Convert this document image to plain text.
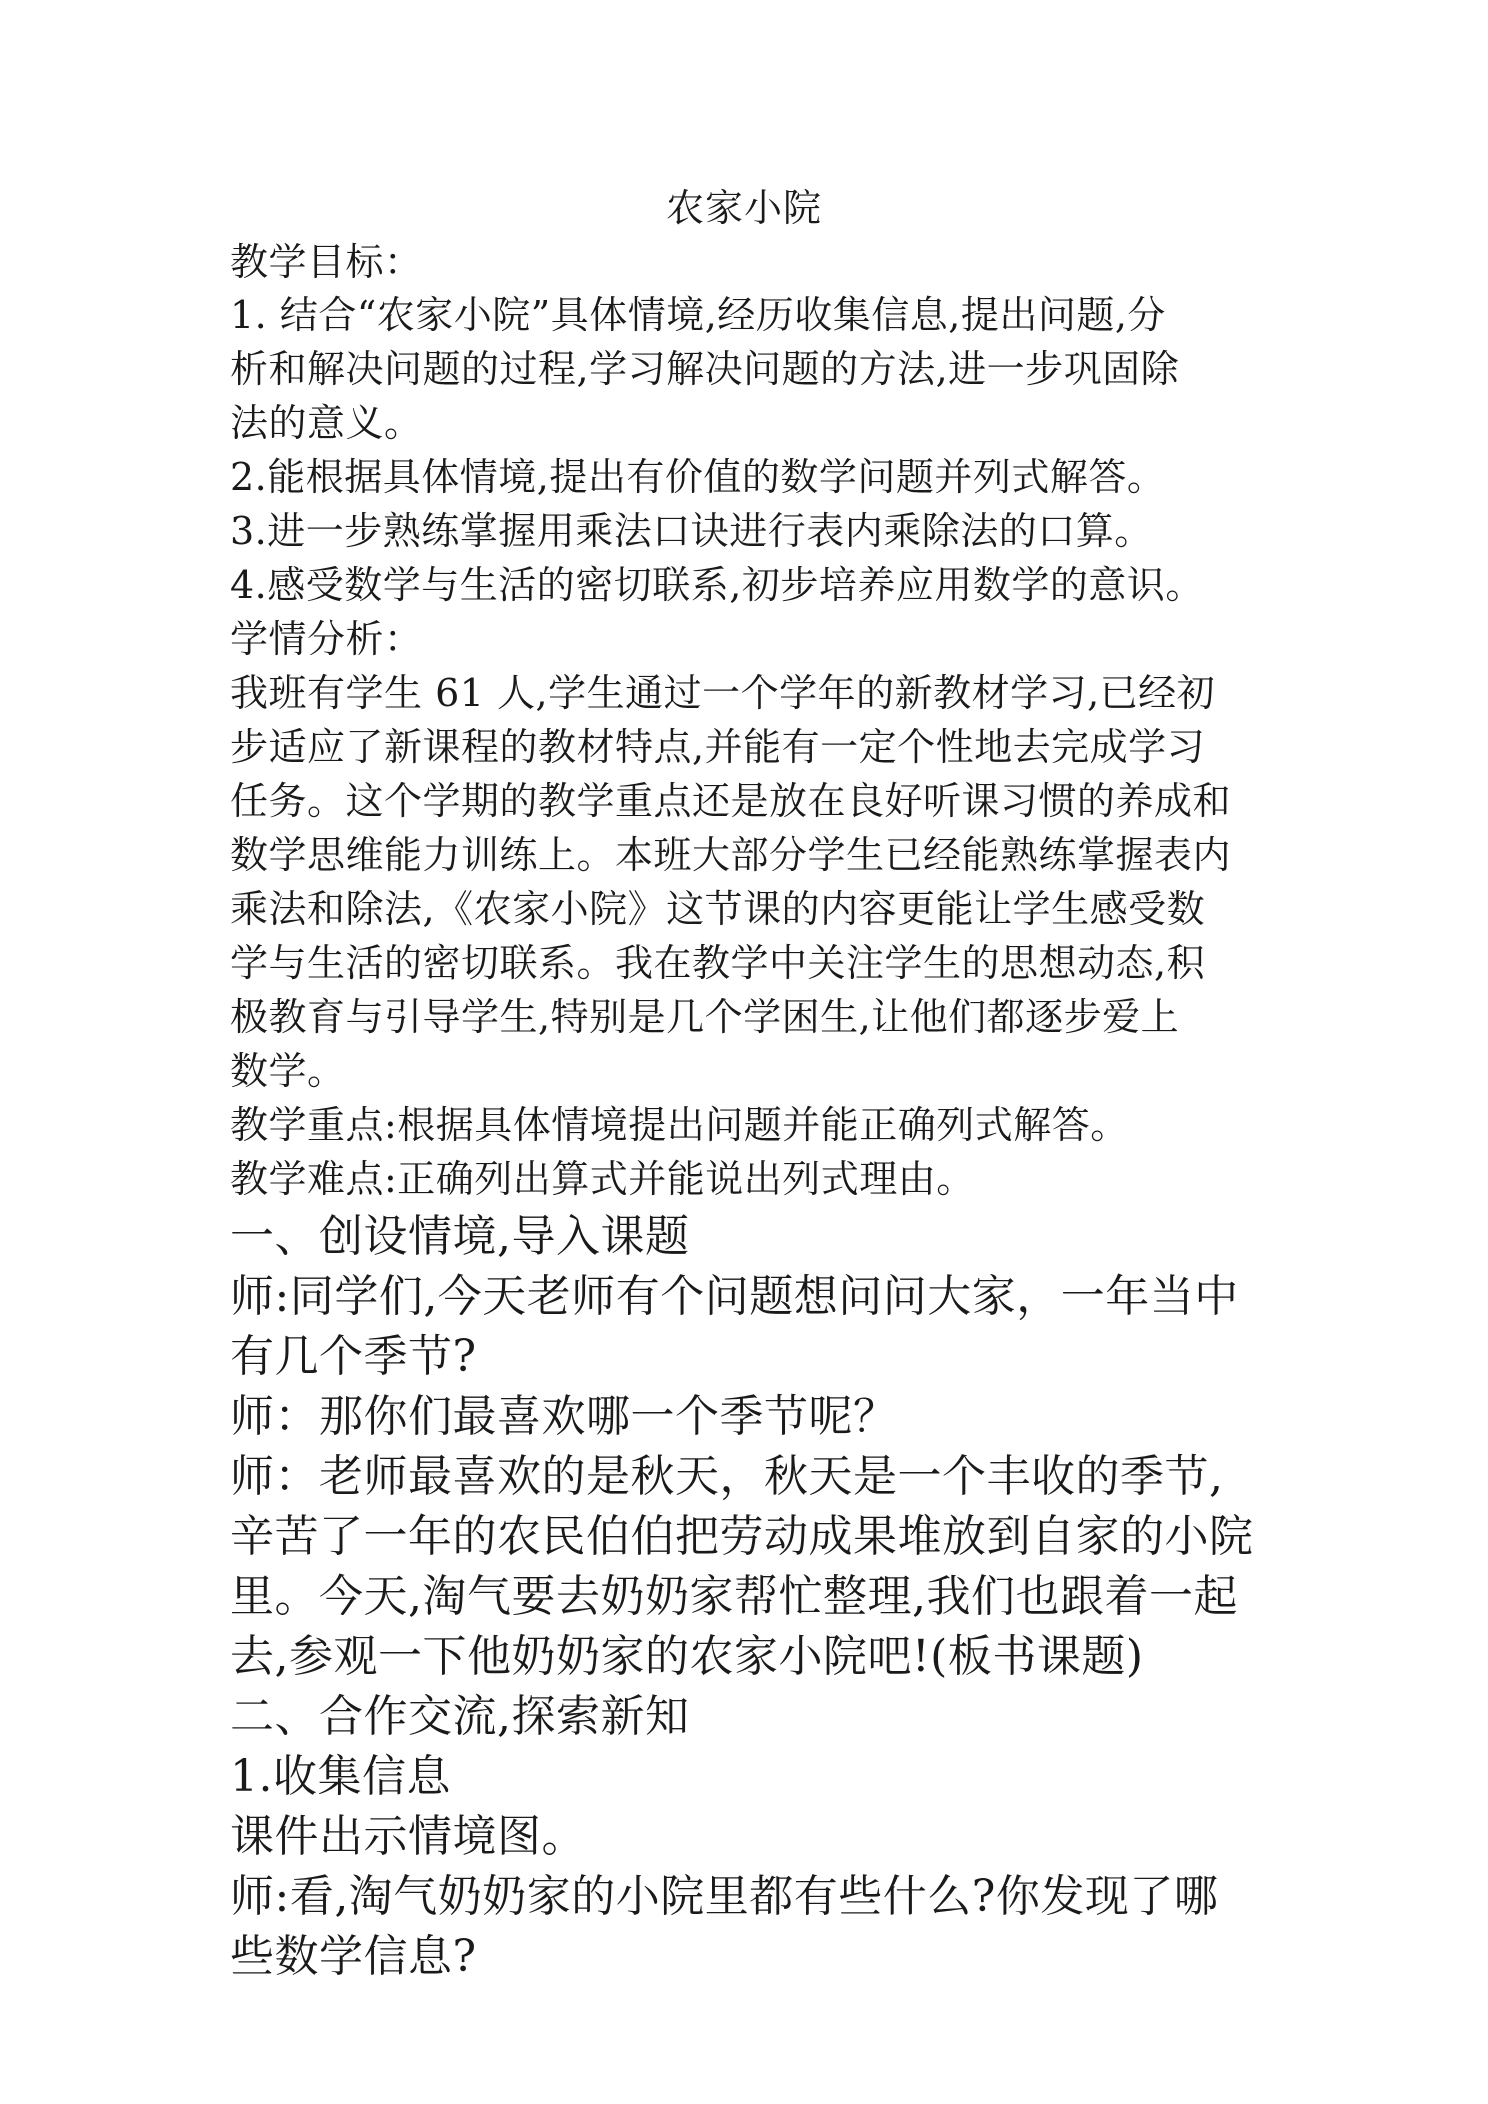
农家小院
教学目标：
1. 结合“农家小院”具体情境,经历收集信息,提出问题,分
析和解决问题的过程,学习解决问题的方法,进一步巩固除
法的意义。
2.能根据具体情境,提出有价值的数学问题并列式解答。
3.进一步熟练掌握用乘法口诀进行表内乘除法的口算。
4.感受数学与生活的密切联系,初步培养应用数学的意识。
学情分析：
我班有学生 61 人,学生通过一个学年的新教材学习,已经初
步适应了新课程的教材特点,并能有一定个性地去完成学习
任务。这个学期的教学重点还是放在良好听课习惯的养成和
数学思维能力训练上。本班大部分学生已经能熟练掌握表内
乘法和除法,《农家小院》这节课的内容更能让学生感受数
学与生活的密切联系。我在教学中关注学生的思想动态,积
极教育与引导学生,特别是几个学困生,让他们都逐步爱上
数学。
教学重点:根据具体情境提出问题并能正确列式解答。
教学难点:正确列出算式并能说出列式理由。
一、创设情境,导入课题
师:同学们,今天老师有个问题想问问大家，一年当中
有几个季节?
师：那你们最喜欢哪一个季节呢？
师：老师最喜欢的是秋天，秋天是一个丰收的季节,
辛苦了一年的农民伯伯把劳动成果堆放到自家的小院
里。今天,淘气要去奶奶家帮忙整理,我们也跟着一起
去,参观一下他奶奶家的农家小院吧!(板书课题)
二、合作交流,探索新知
1.收集信息
课件出示情境图。
师:看,淘气奶奶家的小院里都有些什么?你发现了哪
些数学信息?
